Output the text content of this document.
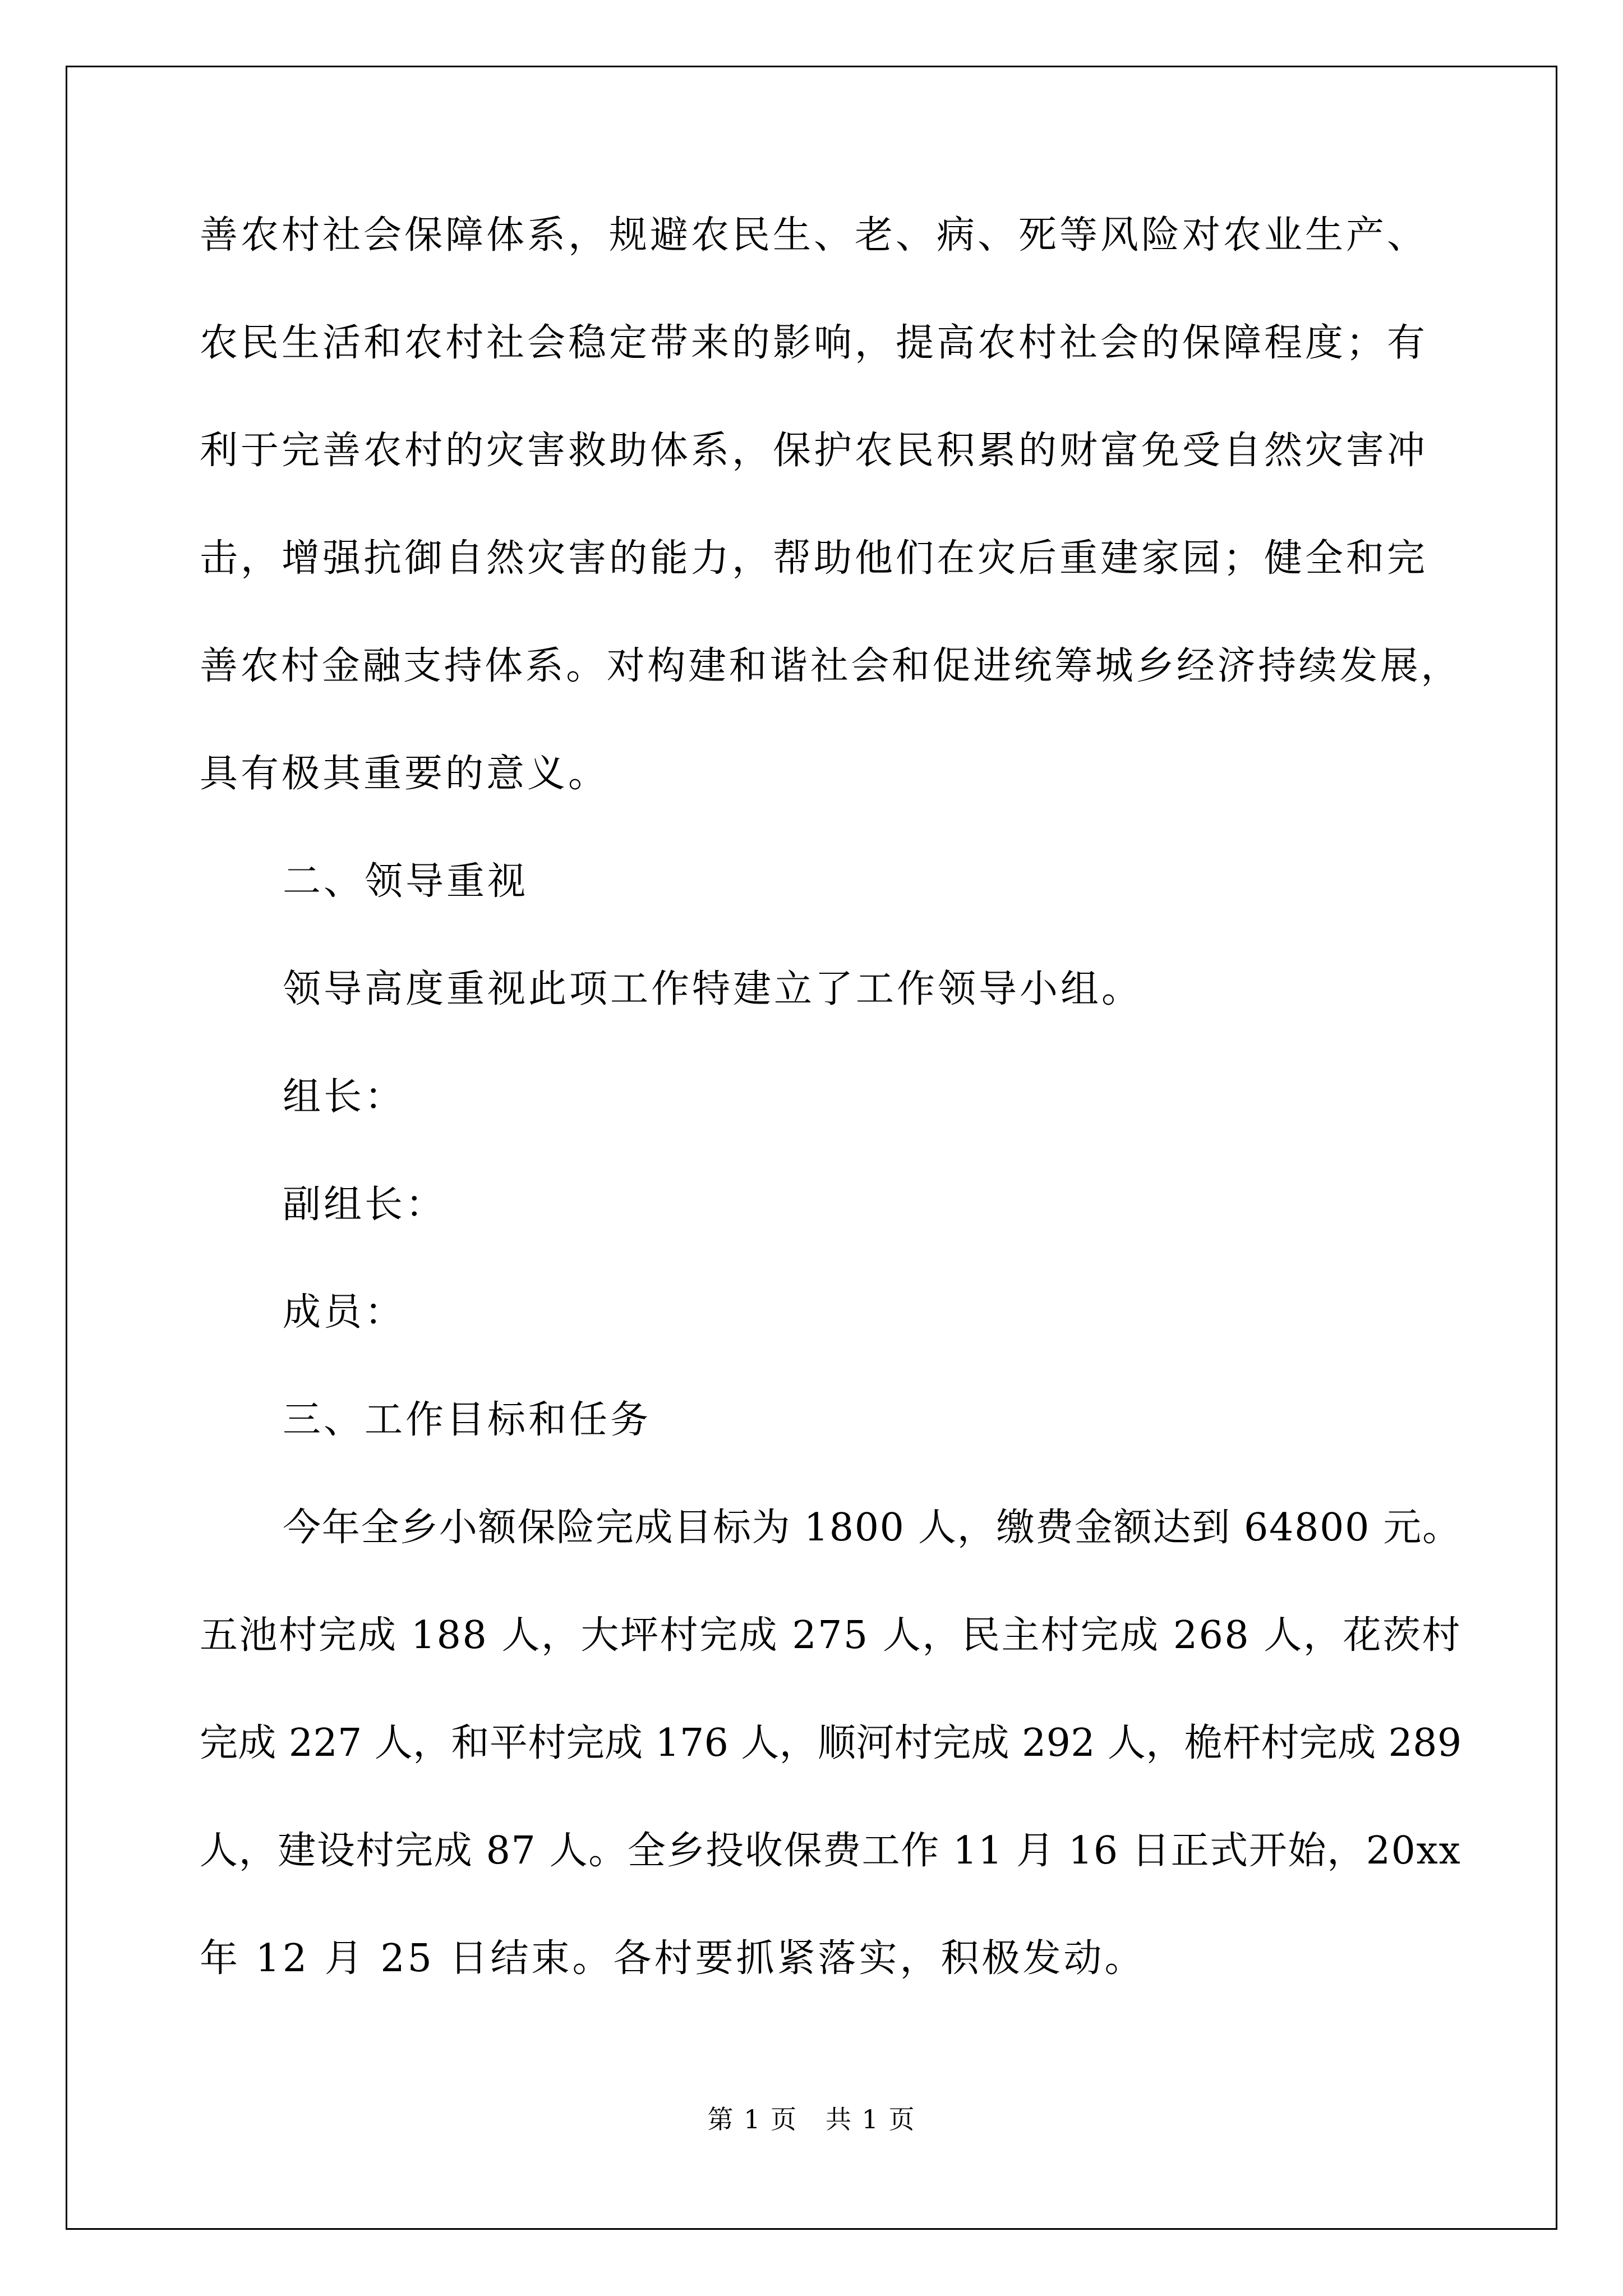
善农村社会保障体系，规避农民生、老、病、死等风险对农业生产、
农民生活和农村社会稳定带来的影响，提高农村社会的保障程度；有
利于完善农村的灾害救助体系，保护农民积累的财富免受自然灾害冲
击，增强抗御自然灾害的能力，帮助他们在灾后重建家园；健全和完
善农村金融支持体系。对构建和谐社会和促进统筹城乡经济持续发展，
具有极其重要的意义。
二、领导重视
领导高度重视此项工作特建立了工作领导小组。
组长：
副组长：
成员：
三、工作目标和任务
今年全乡小额保险完成目标为 1800 人，缴费金额达到 64800 元。
五池村完成 188 人，大坪村完成 275 人，民主村完成 268 人，花茨村
完成 227 人，和平村完成 176 人，顺河村完成 292 人，桅杆村完成 289
人，建设村完成 87 人。全乡投收保费工作 11 月 16 日正式开始，20xx
年 12 月 25 日结束。各村要抓紧落实，积极发动。
第 1 页 共 1 页
